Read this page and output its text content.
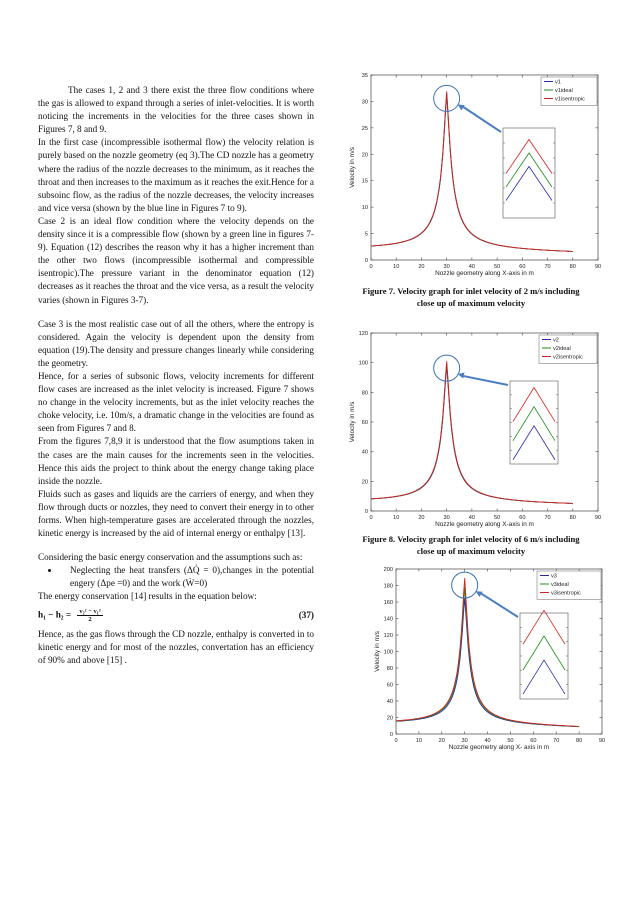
The cases 1, 2 and 3 there exist the three flow conditions where the gas is allowed to expand through a series of inlet-velocities. It is worth noticing the increments in the velocities for the three cases shown in Figures 7, 8 and 9.

In the first case (incompressible isothermal flow) the velocity relation is purely based on the nozzle geometry (eq 3).The CD nozzle has a geometry where the radius of the nozzle decreases to the minimum, as it reaches the throat and then increases to the maximum as it reaches the exit.Hence for a subsoinc flow, as the radius of the nozzle decreases, the velocity increases and vice versa (shown by the blue line in Figures 7 to 9).

Case 2 is an ideal flow condition where the velocity depends on the density since it is a compressible flow (shown by a green line in figures 7-9). Equation (12) describes the reason why it has a higher increment than the other two flows (incompressible isothermal and compressible isentropic).The pressure variant in the denominator equation (12) decreases as it reaches the throat and the vice versa, as a result the velocity varies (shown in Figures 3-7).

Case 3 is the most realistic case out of all the others, where the entropy is considered. Again the velocity is dependent upon the density from equation (19).The density and pressure changes linearly while considering the geometry.

Hence, for a series of subsonic flows, velocity increments for different flow cases are increased as the inlet velocity is increased. Figure 7 shows no change in the velocity increments, but as the inlet velocity reaches the choke velocity, i.e. 10m/s, a dramatic change in the velocities are found as seen from Figures 7 and 8.

From the figures 7,8,9 it is understood that the flow asumptions taken in the cases are the main causes for the increments seen in the velocities. Hence this aids the project to think about the energy change taking place inside the nozzle.

Fluids such as gases and liquids are the carriers of energy, and when they flow through ducts or nozzles, they need to convert their energy in to other forms. When high-temperature gases are accelerated through the nozzles, kinetic energy is increased by the aid of internal energy or enthalpy [13].

Considering the basic energy conservation and the assumptions such as:

• Neglecting the heat transfers (ΔQ̇ = 0),changes in the potential engery (Δpe =0) and the work (Ẇ=0)

The energy conservation [14] results in the equation below:

$h_1 - h_2 = \frac{\text{v₂² − v₁²}}{2}$	(37)

Hence, as the gas flows through the CD nozzle, enthalpy is converted in to kinetic energy and for most of the nozzles, convertation has an efficiency of 90% and above [15] .

0	10	20	30	40	50	60	70	80	90
0
5
10
15
20
25
30
35
Nozzle geometry along X-axis in m
Velocity in m/s
v1
v1ideal
v1isentropic
0	10	20	30	40	50	60	70	80	90
0
20
40
60
80
100
120
Nozzle geometry along X-axis in m
Velocity in m/s
v2
v2ideal
v2isentropic
0	10	20	30	40	50	60	70	80	90
0
20
40
60
80
100
120
140
160
180
200
Nozzle geometry along X- axis in m
Velocity in m/s
v3
v3ideal
v3isentropic
Figure 7. Velocity graph for inlet velocity of 2 m/s including
close up of maximum velocity
Figure 8. Velocity graph for inlet velocity of 6 m/s including
close up of maximum velocity
